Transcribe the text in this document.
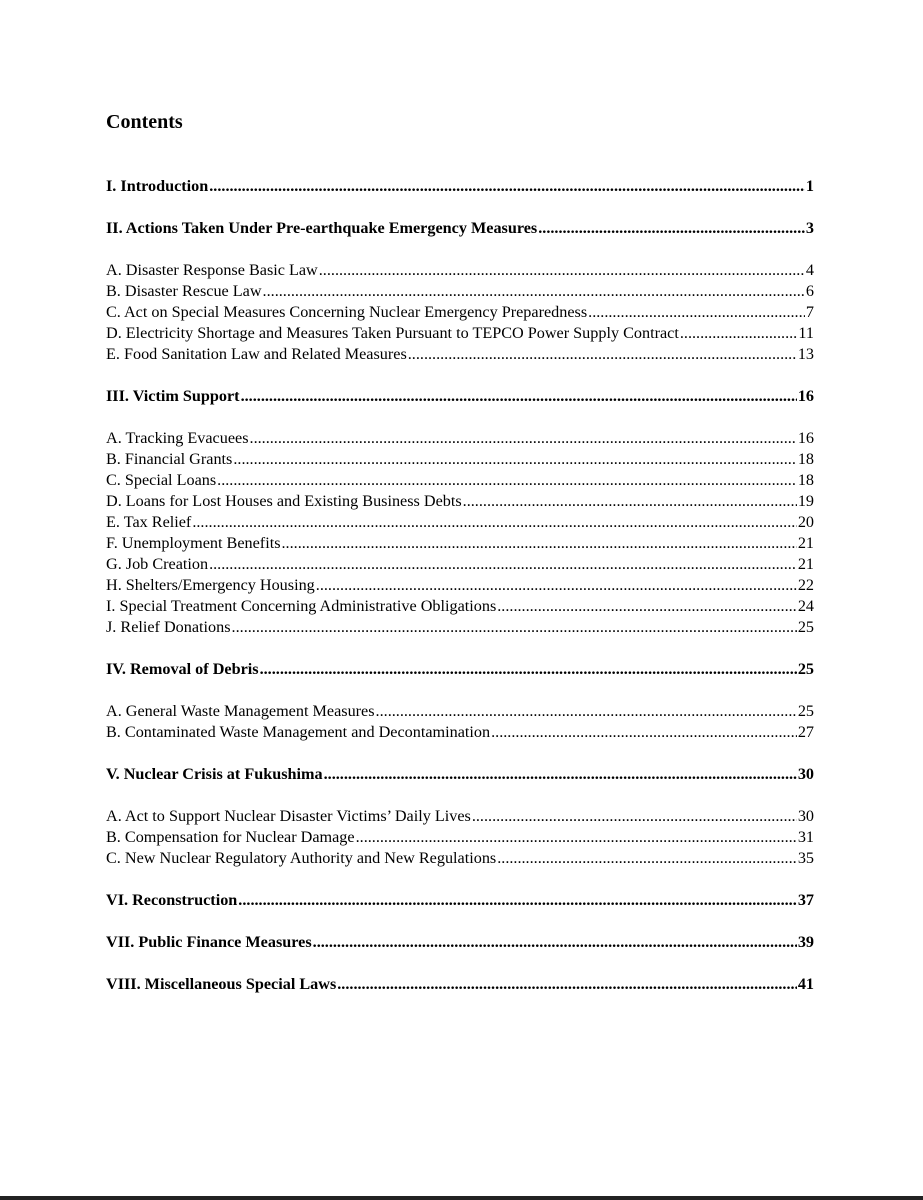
Contents
I. Introduction .....	1
II. Actions Taken Under Pre-earthquake Emergency Measures .....	3
A. Disaster Response Basic Law .....	4
B. Disaster Rescue Law .....	6
C. Act on Special Measures Concerning Nuclear Emergency Preparedness .....	7
D. Electricity Shortage and Measures Taken Pursuant to TEPCO Power Supply Contract .....	11
E. Food Sanitation Law and Related Measures .....	13
III. Victim Support .....	16
A. Tracking Evacuees .....	16
B. Financial Grants .....	18
C. Special Loans .....	18
D. Loans for Lost Houses and Existing Business Debts .....	19
E. Tax Relief .....	20
F. Unemployment Benefits .....	21
G. Job Creation .....	21
H. Shelters/Emergency Housing .....	22
I. Special Treatment Concerning Administrative Obligations .....	24
J. Relief Donations .....	25
IV. Removal of Debris .....	25
A. General Waste Management Measures .....	25
B. Contaminated Waste Management and Decontamination .....	27
V. Nuclear Crisis at Fukushima .....	30
A. Act to Support Nuclear Disaster Victims’ Daily Lives .....	30
B. Compensation for Nuclear Damage .....	31
C. New Nuclear Regulatory Authority and New Regulations .....	35
VI. Reconstruction .....	37
VII. Public Finance Measures .....	39
VIII. Miscellaneous Special Laws .....	41
